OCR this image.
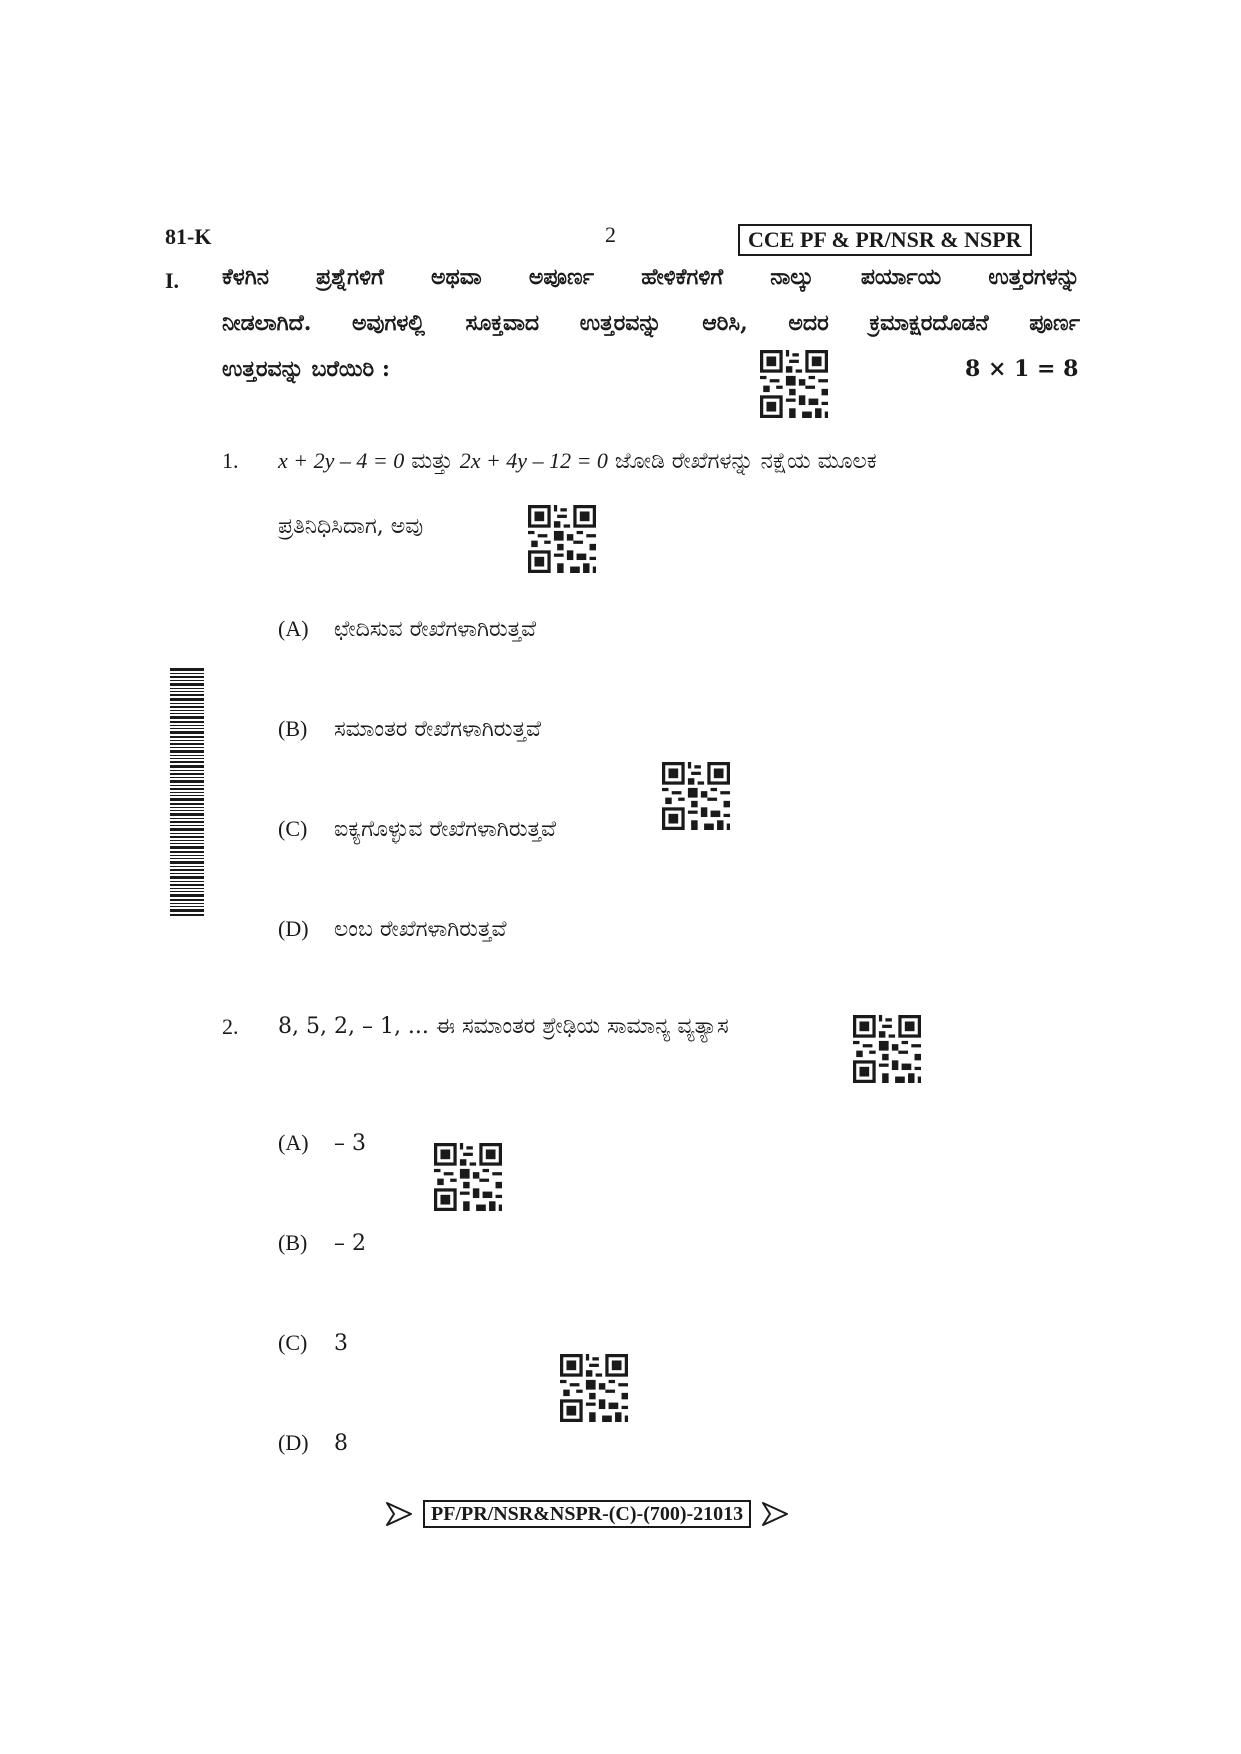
81-K	2	CCE PF & PR/NSR & NSPR
I. ಕೆಳಗಿನ ಪ್ರಶ್ನೆಗಳಿಗೆ ಅಥವಾ ಅಪೂರ್ಣ ಹೇಳಿಕೆಗಳಿಗೆ ನಾಲ್ಕು ಪರ್ಯಾಯ ಉತ್ತರಗಳನ್ನು
ನೀಡಲಾಗಿದೆ. ಅವುಗಳಲ್ಲಿ ಸೂಕ್ತವಾದ ಉತ್ತರವನ್ನು ಆರಿಸಿ, ಅದರ ಕ್ರಮಾಕ್ಷರದೊಡನೆ ಪೂರ್ಣ
ಉತ್ತರವನ್ನು ಬರೆಯಿರಿ :	8 × 1 = 8
1. x + 2y – 4 = 0 ಮತ್ತು 2x + 4y – 12 = 0 ಜೋಡಿ ರೇಖೆಗಳನ್ನು ನಕ್ಷೆಯ ಮೂಲಕ
ಪ್ರತಿನಿಧಿಸಿದಾಗ, ಅವು
(A) ಛೇದಿಸುವ ರೇಖೆಗಳಾಗಿರುತ್ತವೆ
(B) ಸಮಾಂತರ ರೇಖೆಗಳಾಗಿರುತ್ತವೆ
(C) ಐಕ್ಯಗೊಳ್ಳುವ ರೇಖೆಗಳಾಗಿರುತ್ತವೆ
(D) ಲಂಬ ರೇಖೆಗಳಾಗಿರುತ್ತವೆ
2. 8, 5, 2, – 1, ... ಈ ಸಮಾಂತರ ಶ್ರೇಢಿಯ ಸಾಮಾನ್ಯ ವ್ಯತ್ಯಾಸ
(A) – 3
(B) – 2
(C) 3
(D) 8
PF/PR/NSR&NSPR-(C)-(700)-21013
